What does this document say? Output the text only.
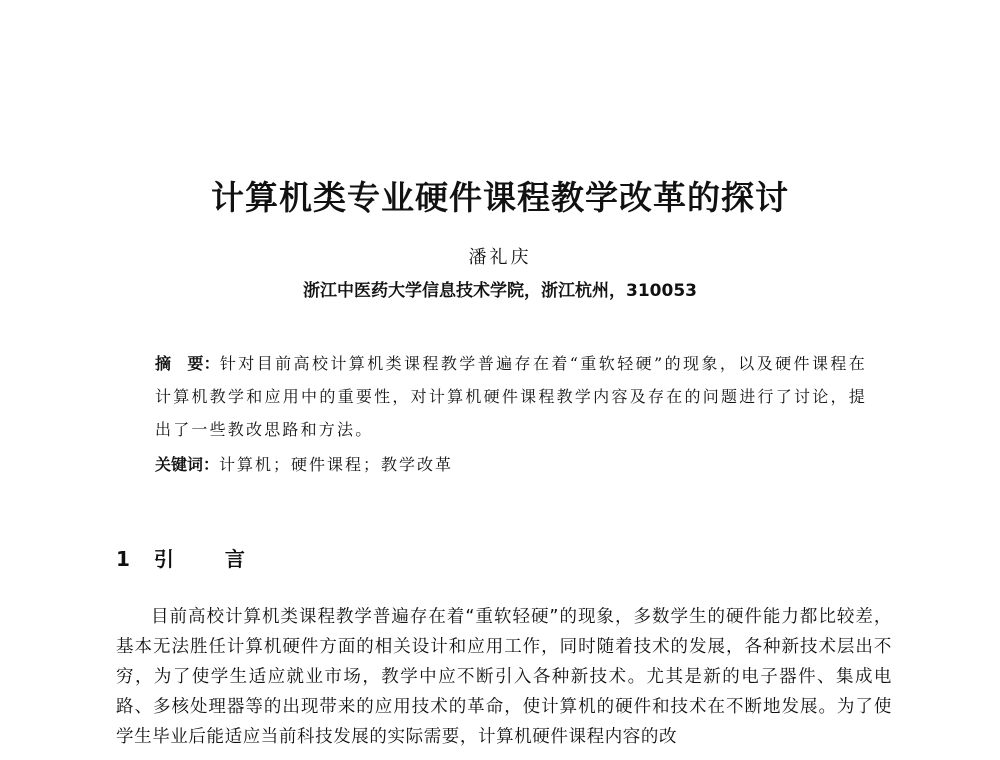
计算机类专业硬件课程教学改革的探讨
潘礼庆
浙江中医药大学信息技术学院，浙江杭州，310053
摘　要：针对目前高校计算机类课程教学普遍存在着“重软轻硬”的现象，以及硬件课程在计算机教学和应用中的重要性，对计算机硬件课程教学内容及存在的问题进行了讨论，提出了一些教改思路和方法。
关键词：计算机；硬件课程；教学改革
1 引 言
目前高校计算机类课程教学普遍存在着“重软轻硬”的现象，多数学生的硬件能力都比较差，基本无法胜任计算机硬件方面的相关设计和应用工作，同时随着技术的发展，各种新技术层出不穷，为了使学生适应就业市场，教学中应不断引入各种新技术。尤其是新的电子器件、集成电路、多核处理器等的出现带来的应用技术的革命，使计算机的硬件和技术在不断地发展。为了使学生毕业后能适应当前科技发展的实际需要，计算机硬件课程内容的改
